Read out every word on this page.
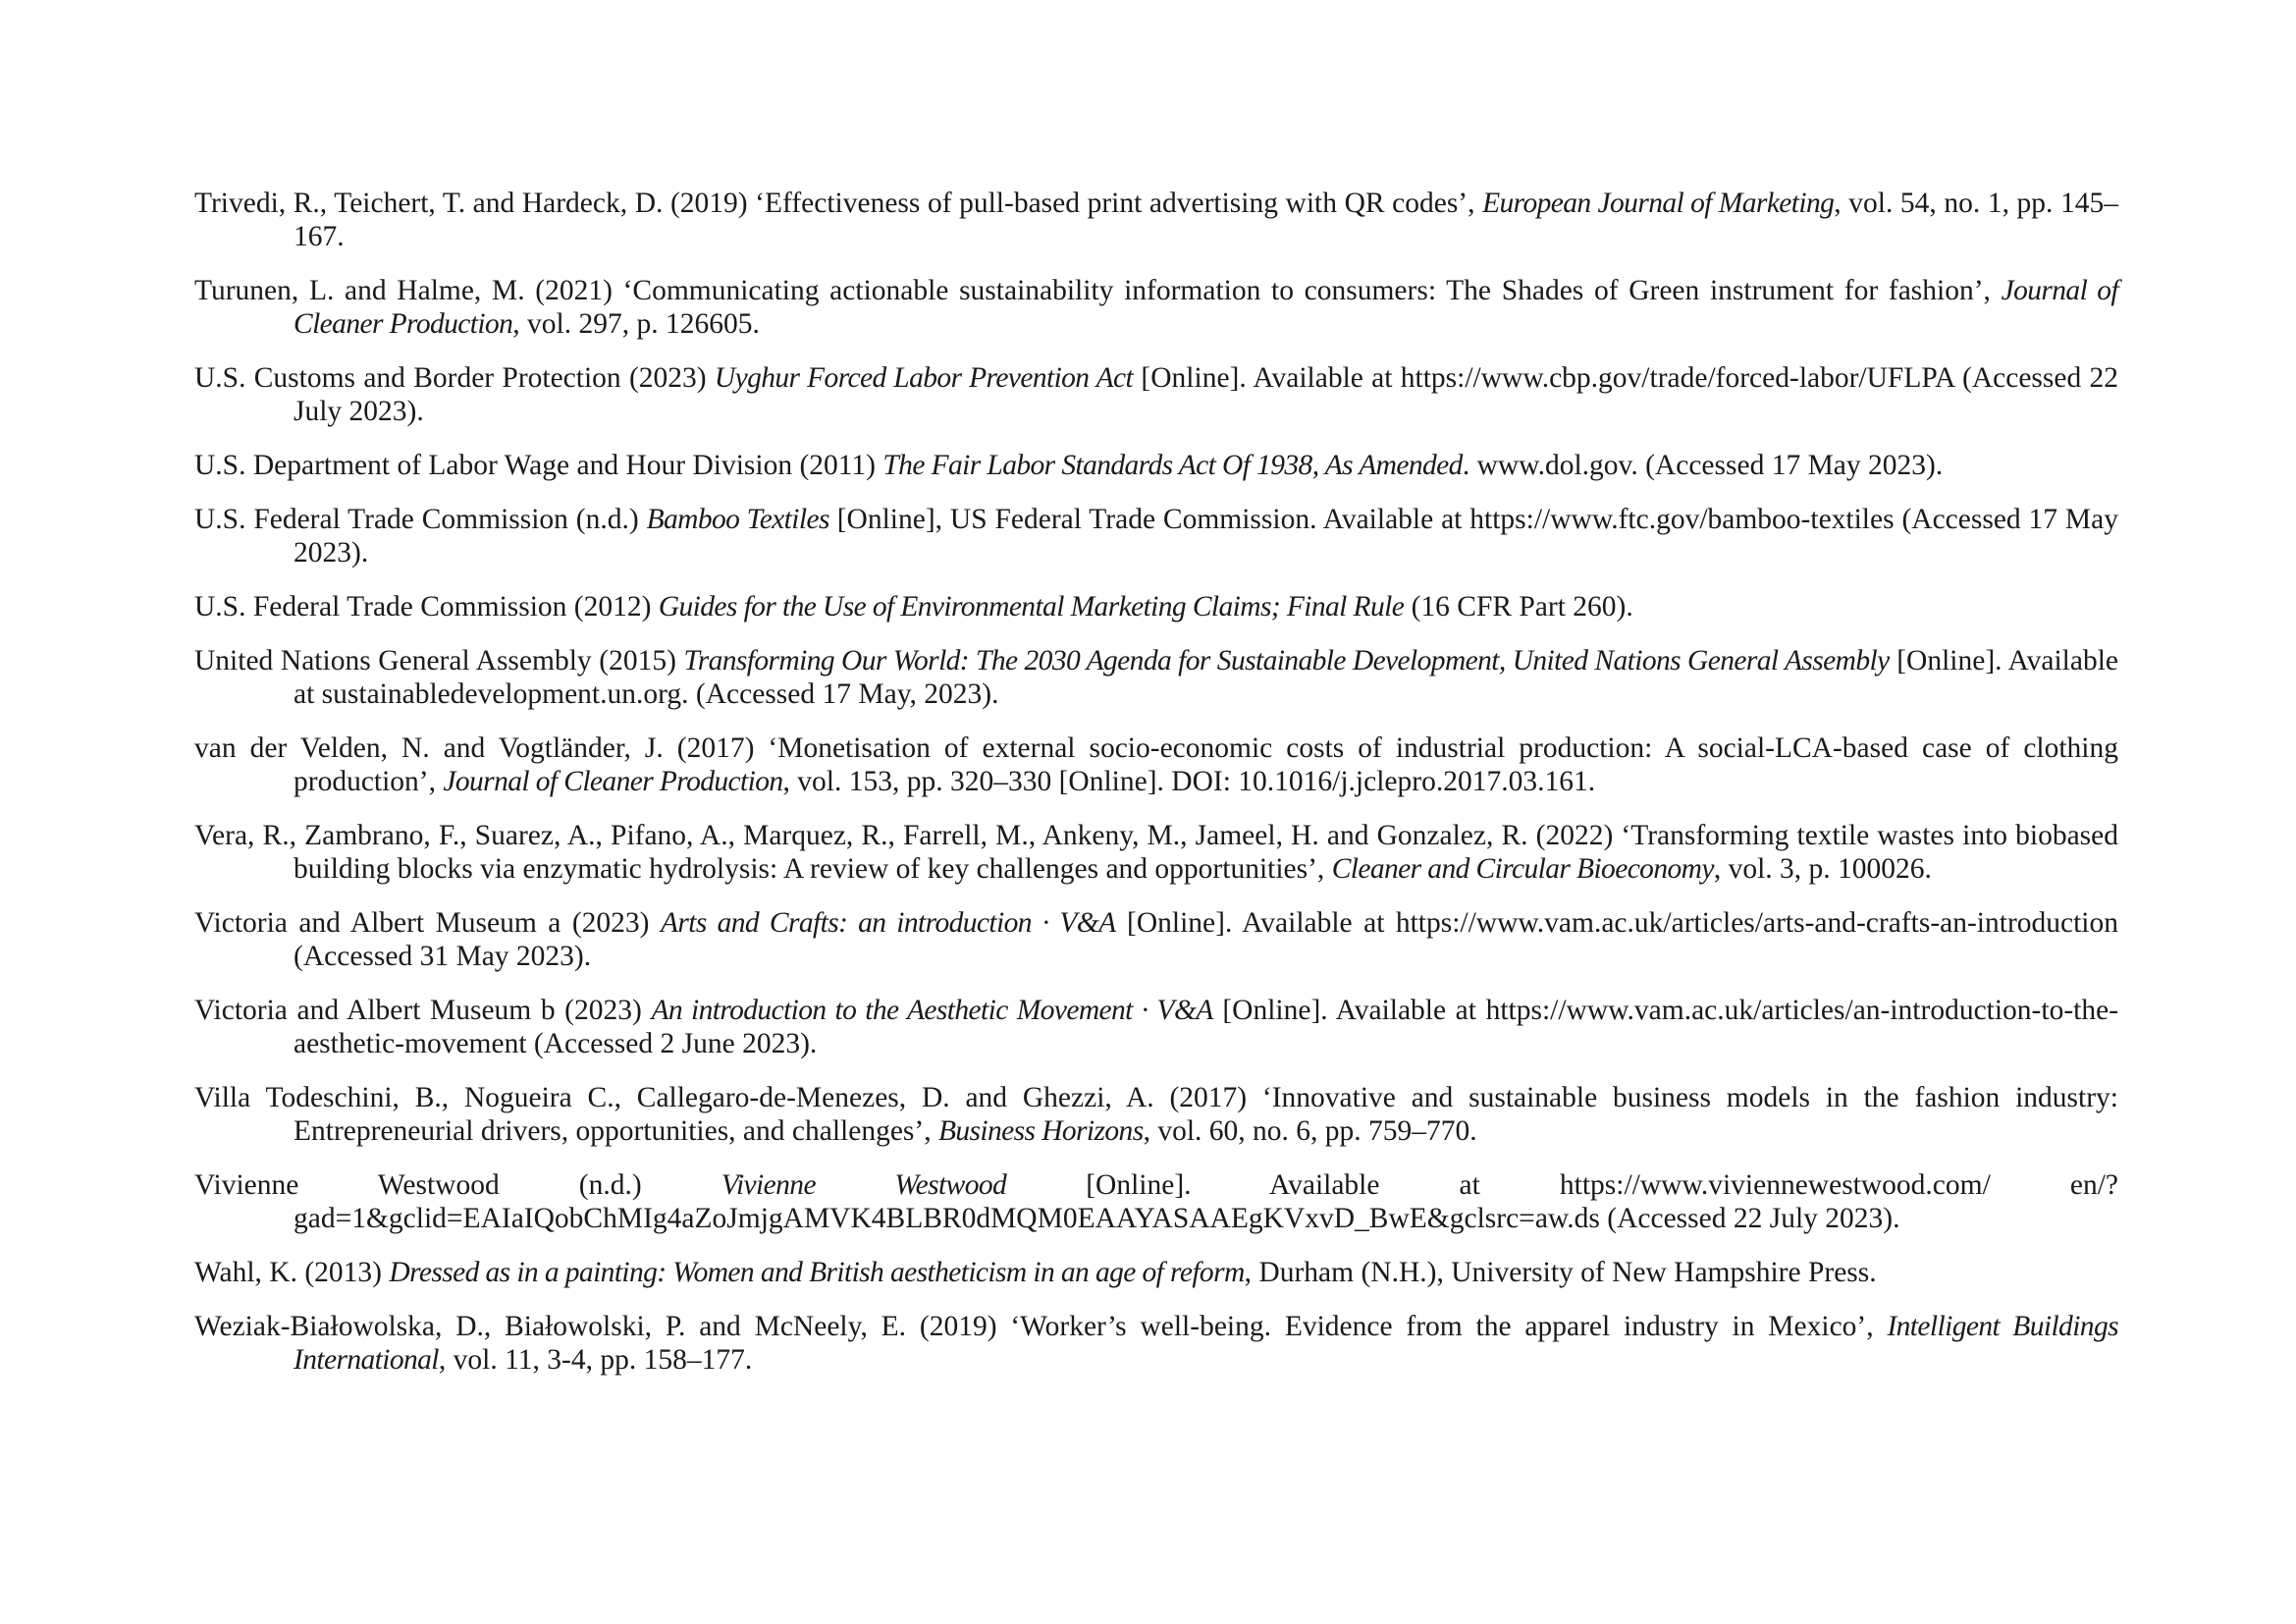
Trivedi, R., Teichert, T. and Hardeck, D. (2019) ‘Effectiveness of pull-based print advertising with QR codes’, European Journal of Marketing, vol. 54, no. 1, pp. 145–167.
Turunen, L. and Halme, M. (2021) ‘Communicating actionable sustainability information to consumers: The Shades of Green instrument for fashion’, Journal of Cleaner Production, vol. 297, p. 126605.
U.S. Customs and Border Protection (2023) Uyghur Forced Labor Prevention Act [Online]. Available at https://www.cbp.gov/trade/forced-labor/UFLPA (Accessed 22 July 2023).
U.S. Department of Labor Wage and Hour Division (2011) The Fair Labor Standards Act Of 1938, As Amended. www.dol.gov. (Accessed 17 May 2023).
U.S. Federal Trade Commission (n.d.) Bamboo Textiles [Online], US Federal Trade Commission. Available at https://www.ftc.gov/bamboo-textiles (Accessed 17 May 2023).
U.S. Federal Trade Commission (2012) Guides for the Use of Environmental Marketing Claims; Final Rule (16 CFR Part 260).
United Nations General Assembly (2015) Transforming Our World: The 2030 Agenda for Sustainable Development, United Nations General Assembly [Online]. Available at sustainabledevelopment.un.org. (Accessed 17 May, 2023).
van der Velden, N. and Vogtländer, J. (2017) ‘Monetisation of external socio-economic costs of industrial production: A social-LCA-based case of clothing production’, Journal of Cleaner Production, vol. 153, pp. 320–330 [Online]. DOI: 10.1016/j.jclepro.2017.03.161.
Vera, R., Zambrano, F., Suarez, A., Pifano, A., Marquez, R., Farrell, M., Ankeny, M., Jameel, H. and Gonzalez, R. (2022) ‘Transforming textile wastes into biobased building blocks via enzymatic hydrolysis: A review of key challenges and opportunities’, Cleaner and Circular Bioeconomy, vol. 3, p. 100026.
Victoria and Albert Museum a (2023) Arts and Crafts: an introduction · V&A [Online]. Available at https://www.vam.ac.uk/articles/arts-and-crafts-an-introduction (Accessed 31 May 2023).
Victoria and Albert Museum b (2023) An introduction to the Aesthetic Movement · V&A [Online]. Available at https://www.vam.ac.uk/articles/an-introduction-to-the-aesthetic-movement (Accessed 2 June 2023).
Villa Todeschini, B., Nogueira C., Callegaro-de-Menezes, D. and Ghezzi, A. (2017) ‘Innovative and sustainable business models in the fashion industry: Entrepreneurial drivers, opportunities, and challenges’, Business Horizons, vol. 60, no. 6, pp. 759–770.
Vivienne Westwood (n.d.) Vivienne Westwood [Online]. Available at https://www.viviennewestwood.com/ en/?gad=1&gclid=EAIaIQobChMIg4aZoJmjgAMVK4BLBR0dMQM0EAAYASAAEgKVxvD_BwE&gclsrc=aw.ds (Accessed 22 July 2023).
Wahl, K. (2013) Dressed as in a painting: Women and British aestheticism in an age of reform, Durham (N.H.), University of New Hampshire Press.
Weziak-Białowolska, D., Białowolski, P. and McNeely, E. (2019) ‘Worker’s well-being. Evidence from the apparel industry in Mexico’, Intelligent Buildings International, vol. 11, 3-4, pp. 158–177.
